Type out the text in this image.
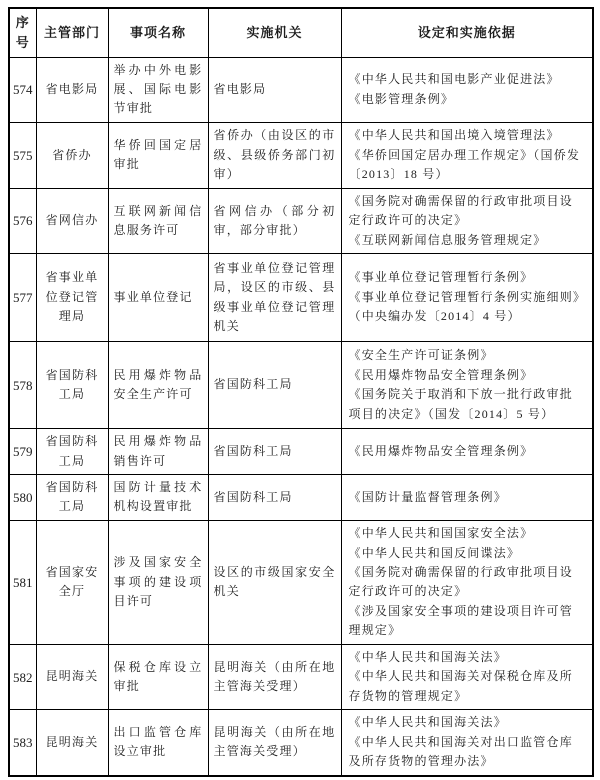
序号	主管部门	事项名称	实施机关	设定和实施依据
574	省电影局	举办中外电影展、国际电影节审批	省电影局	《中华人民共和国电影产业促进法》
《电影管理条例》

575	省侨办	华侨回国定居审批	省侨办（由设区的市级、县级侨务部门初审）	《中华人民共和国出境入境管理法》
《华侨回国定居办理工作规定》（国侨发〔2013〕18 号）

576	省网信办	互联网新闻信息服务许可	省网信办（部分初审，部分审批）	《国务院对确需保留的行政审批项目设定行政许可的决定》
《互联网新闻信息服务管理规定》

577	省事业单位登记管理局	事业单位登记	省事业单位登记管理局，设区的市级、县级事业单位登记管理机关	《事业单位登记管理暂行条例》
《事业单位登记管理暂行条例实施细则》（中央编办发〔2014〕4 号）

578	省国防科工局	民用爆炸物品安全生产许可	省国防科工局	《安全生产许可证条例》
《民用爆炸物品安全管理条例》
《国务院关于取消和下放一批行政审批项目的决定》（国发〔2014〕5 号）

579	省国防科工局	民用爆炸物品销售许可	省国防科工局	《民用爆炸物品安全管理条例》

580	省国防科工局	国防计量技术机构设置审批	省国防科工局	《国防计量监督管理条例》

581	省国家安全厅	涉及国家安全事项的建设项目许可	设区的市级国家安全机关	《中华人民共和国国家安全法》
《中华人民共和国反间谍法》
《国务院对确需保留的行政审批项目设定行政许可的决定》
《涉及国家安全事项的建设项目许可管理规定》

582	昆明海关	保税仓库设立审批	昆明海关（由所在地主管海关受理）	《中华人民共和国海关法》
《中华人民共和国海关对保税仓库及所存货物的管理规定》

583	昆明海关	出口监管仓库设立审批	昆明海关（由所在地主管海关受理）	《中华人民共和国海关法》
《中华人民共和国海关对出口监管仓库及所存货物的管理办法》
